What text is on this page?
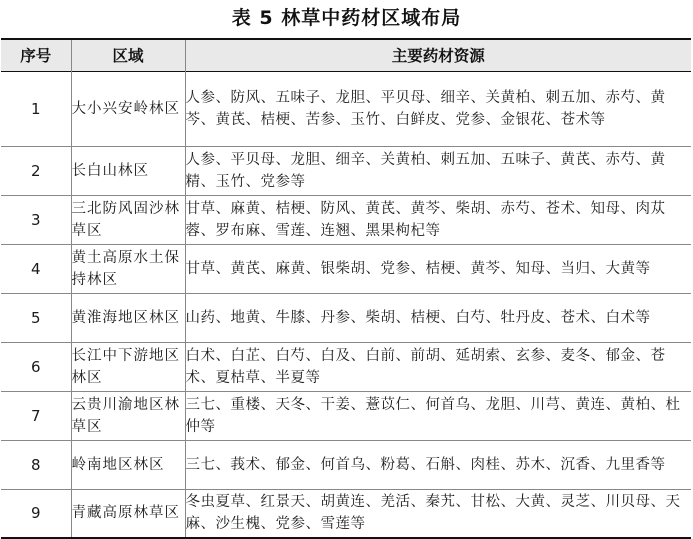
表 5 林草中药材区域布局
序号	区域	主要药材资源
1	大小兴安岭林区	人参、防风、五味子、龙胆、平贝母、细辛、关黄柏、刺五加、赤芍、黄芩、黄芪、桔梗、苦参、玉竹、白鲜皮、党参、金银花、苍术等
2	长白山林区	人参、平贝母、龙胆、细辛、关黄柏、刺五加、五味子、黄芪、赤芍、黄精、玉竹、党参等
3	三北防风固沙林草区	甘草、麻黄、桔梗、防风、黄芪、黄芩、柴胡、赤芍、苍术、知母、肉苁蓉、罗布麻、雪莲、连翘、黑果枸杞等
4	黄土高原水土保持林区	甘草、黄芪、麻黄、银柴胡、党参、桔梗、黄芩、知母、当归、大黄等
5	黄淮海地区林区	山药、地黄、牛膝、丹参、柴胡、桔梗、白芍、牡丹皮、苍术、白术等
6	长江中下游地区林区	白术、白芷、白芍、白及、白前、前胡、延胡索、玄参、麦冬、郁金、苍术、夏枯草、半夏等
7	云贵川渝地区林草区	三七、重楼、天冬、干姜、薏苡仁、何首乌、龙胆、川芎、黄连、黄柏、杜仲等
8	岭南地区林区	三七、莪术、郁金、何首乌、粉葛、石斛、肉桂、苏木、沉香、九里香等
9	青藏高原林草区	冬虫夏草、红景天、胡黄连、羌活、秦艽、甘松、大黄、灵芝、川贝母、天麻、沙生槐、党参、雪莲等
